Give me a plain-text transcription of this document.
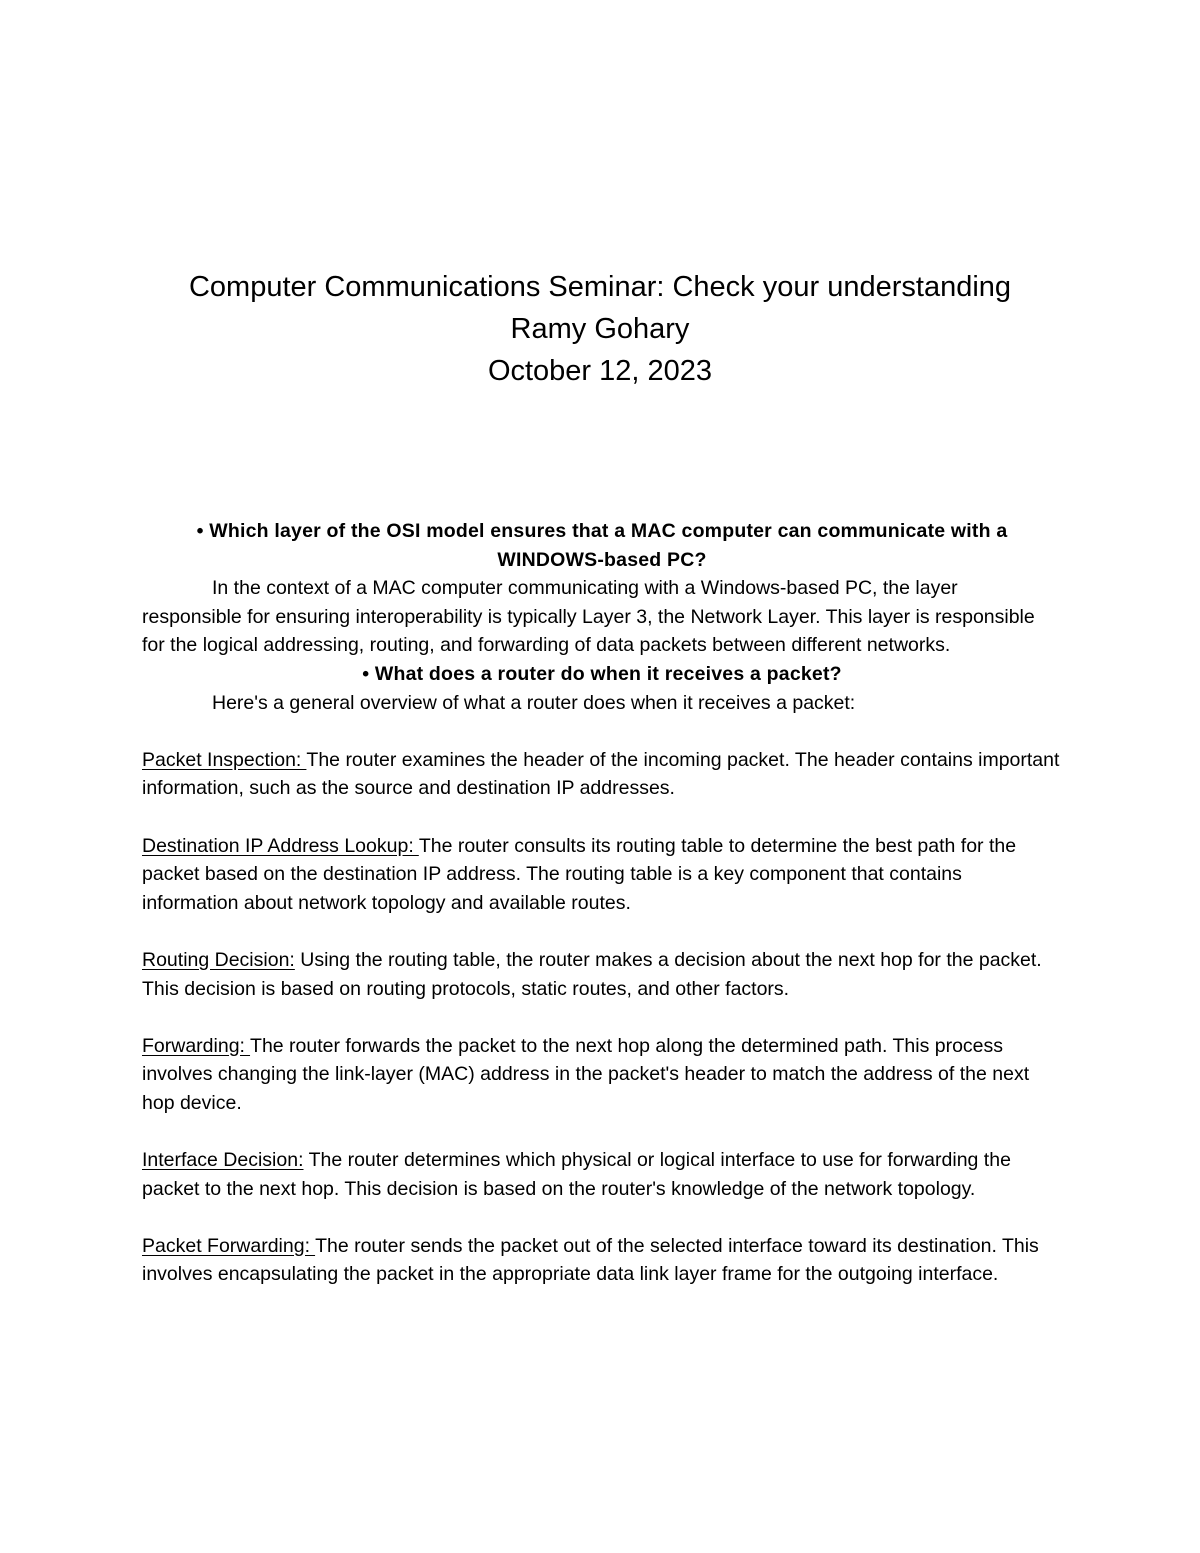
Computer Communications Seminar: Check your understanding
Ramy Gohary
October 12, 2023

• Which layer of the OSI model ensures that a MAC computer can communicate with a WINDOWS-based PC?

In the context of a MAC computer communicating with a Windows-based PC, the layer responsible for ensuring interoperability is typically Layer 3, the Network Layer. This layer is responsible for the logical addressing, routing, and forwarding of data packets between different networks.

• What does a router do when it receives a packet?

Here's a general overview of what a router does when it receives a packet:

Packet Inspection: The router examines the header of the incoming packet. The header contains important information, such as the source and destination IP addresses.

Destination IP Address Lookup: The router consults its routing table to determine the best path for the packet based on the destination IP address. The routing table is a key component that contains information about network topology and available routes.

Routing Decision: Using the routing table, the router makes a decision about the next hop for the packet. This decision is based on routing protocols, static routes, and other factors.

Forwarding: The router forwards the packet to the next hop along the determined path. This process involves changing the link-layer (MAC) address in the packet's header to match the address of the next hop device.

Interface Decision: The router determines which physical or logical interface to use for forwarding the packet to the next hop. This decision is based on the router's knowledge of the network topology.

Packet Forwarding: The router sends the packet out of the selected interface toward its destination. This involves encapsulating the packet in the appropriate data link layer frame for the outgoing interface.
